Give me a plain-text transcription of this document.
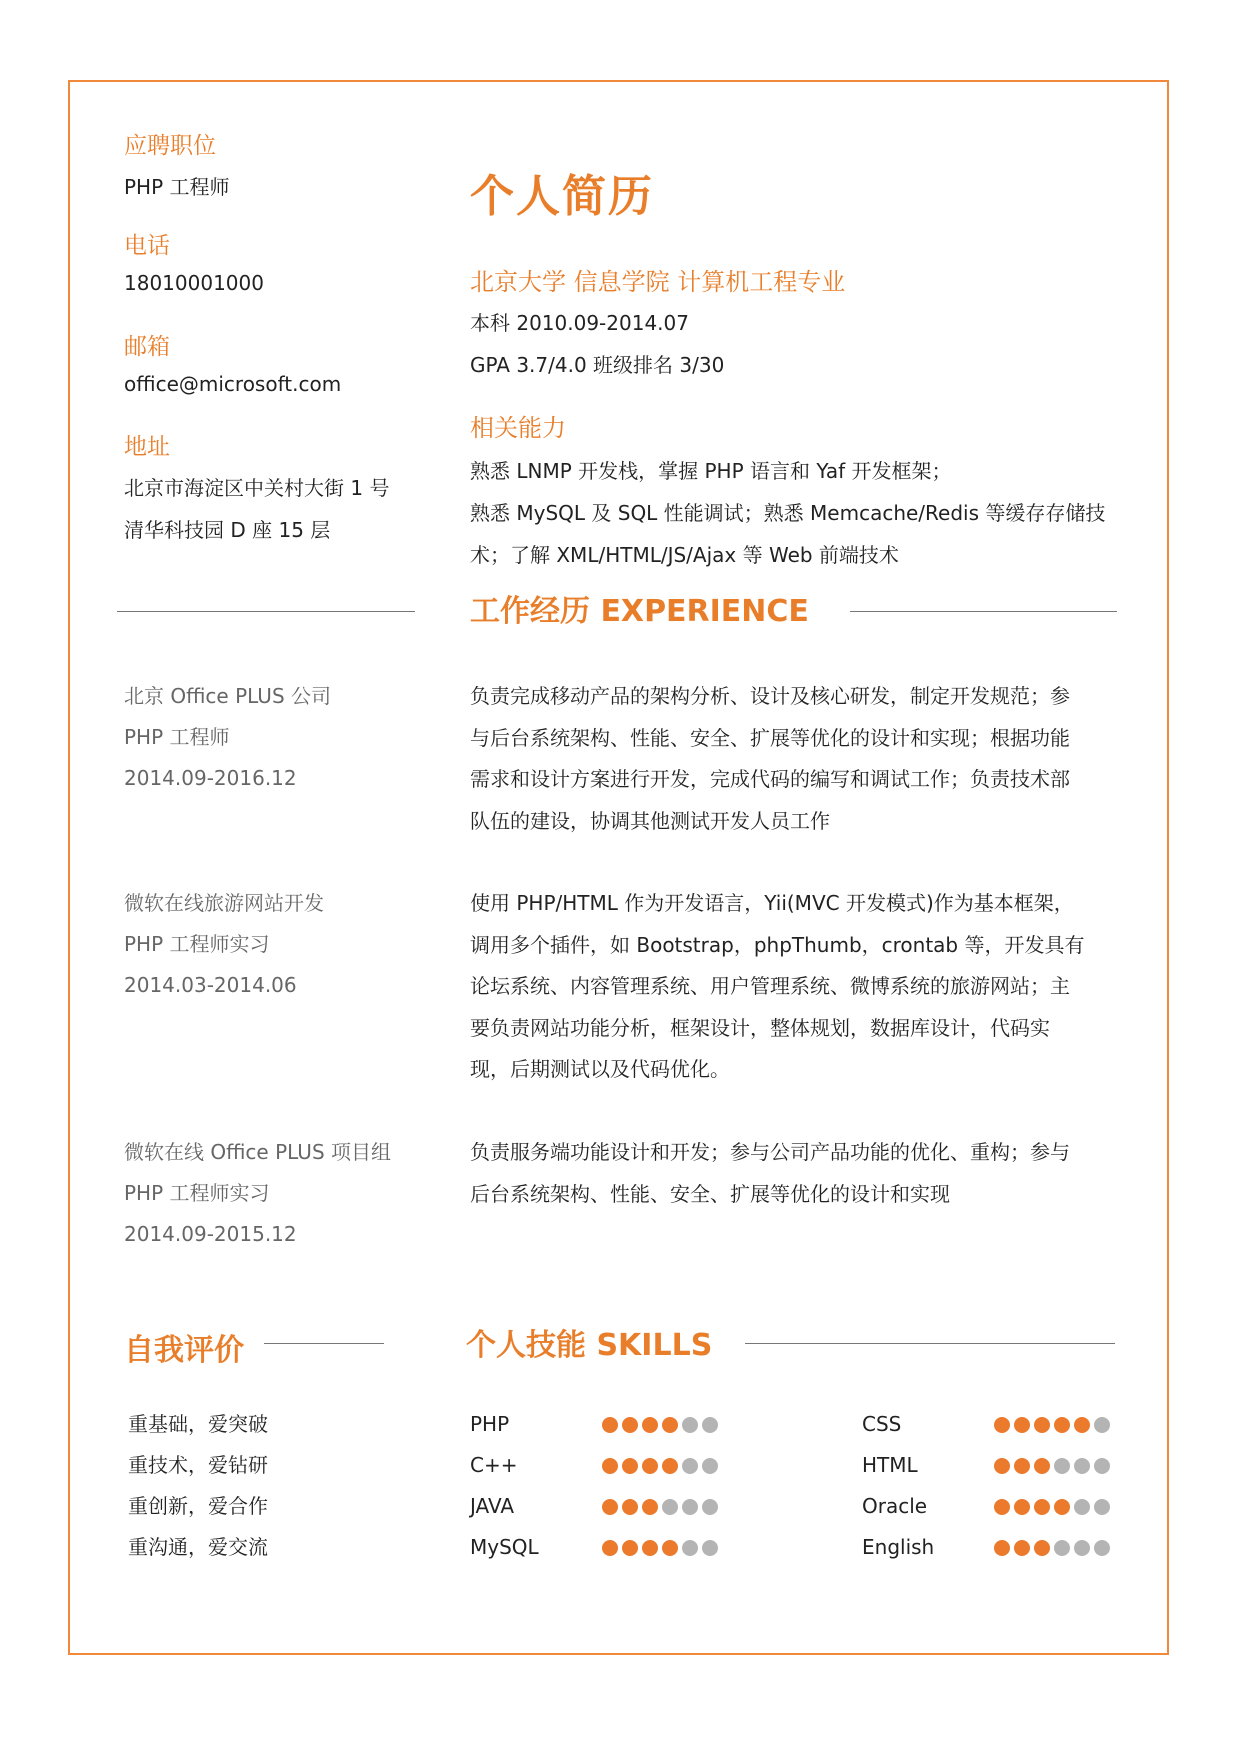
应聘职位
PHP 工程师
电话
18010001000
邮箱
office@microsoft.com
地址
北京市海淀区中关村大街 1 号
清华科技园 D 座 15 层
个人简历
北京大学 信息学院 计算机工程专业
本科 2010.09-2014.07
GPA 3.7/4.0 班级排名 3/30
相关能力
熟悉 LNMP 开发栈，掌握 PHP 语言和 Yaf 开发框架；
熟悉 MySQL 及 SQL 性能调试；熟悉 Memcache/Redis 等缓存存储技
术；了解 XML/HTML/JS/Ajax 等 Web 前端技术
工作经历 EXPERIENCE
北京 Office PLUS 公司
PHP 工程师
2014.09-2016.12
负责完成移动产品的架构分析、设计及核心研发，制定开发规范；参
与后台系统架构、性能、安全、扩展等优化的设计和实现；根据功能
需求和设计方案进行开发，完成代码的编写和调试工作；负责技术部
队伍的建设，协调其他测试开发人员工作
微软在线旅游网站开发
PHP 工程师实习
2014.03-2014.06
使用 PHP/HTML 作为开发语言，Yii(MVC 开发模式)作为基本框架，
调用多个插件，如 Bootstrap，phpThumb，crontab 等，开发具有
论坛系统、内容管理系统、用户管理系统、微博系统的旅游网站；主
要负责网站功能分析，框架设计，整体规划，数据库设计，代码实
现，后期测试以及代码优化。
微软在线 Office PLUS 项目组
PHP 工程师实习
2014.09-2015.12
负责服务端功能设计和开发；参与公司产品功能的优化、重构；参与
后台系统架构、性能、安全、扩展等优化的设计和实现
自我评价
重基础，爱突破
重技术，爱钻研
重创新，爱合作
重沟通，爱交流
个人技能 SKILLS
PHP
C++
JAVA
MySQL
CSS
HTML
Oracle
English
